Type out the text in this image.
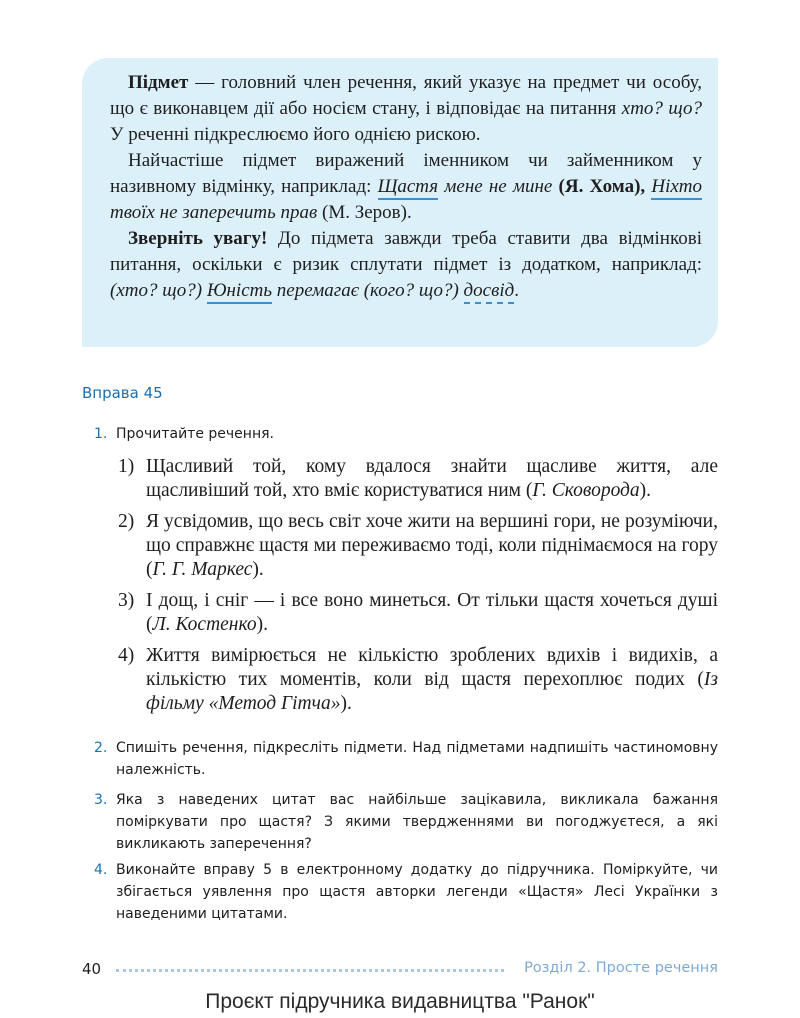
Підмет — головний член речення, який указує на предмет чи особу, що є виконавцем дії або носієм стану, і відповідає на питання хто? що? У реченні підкреслюємо його однією рискою.

Найчастіше підмет виражений іменником чи займенником у називному відмінку, наприклад: Щастя мене не мине (Я. Хома), Ніхто твоїх не заперечить прав (М. Зеров).

Зверніть увагу! До підмета завжди треба ставити два відмінкові питання, оскільки є ризик сплутати підмет із додатком, наприклад: (хто? що?) Юність перемагає (кого? що?) досвід.

Вправа 45
1. Прочитайте речення.
1) Щасливий той, кому вдалося знайти щасливе життя, але щасливіший той, хто вміє користуватися ним (Г. Сковорода).
2) Я усвідомив, що весь світ хоче жити на вершині гори, не розуміючи, що справжнє щастя ми переживаємо тоді, коли піднімаємося на гору (Г. Г. Маркес).
3) І дощ, і сніг — і все воно минеться. От тільки щастя хочеться душі (Л. Костенко).
4) Життя вимірюється не кількістю зроблених вдихів і видихів, а кількістю тих моментів, коли від щастя перехоплює подих (Із фільму «Метод Гітча»).
2. Спишіть речення, підкресліть підмети. Над підметами надпишіть частиномовну належність.
3. Яка з наведених цитат вас найбільше зацікавила, викликала бажання поміркувати про щастя? З якими твердженнями ви погоджуєтеся, а які викликають заперечення?
4. Виконайте вправу 5 в електронному додатку до підручника. Поміркуйте, чи збігається уявлення про щастя авторки легенди «Щастя» Лесі Українки з наведеними цитатами.
40	Розділ 2. Просте речення
Проєкт підручника видавництва "Ранок"
